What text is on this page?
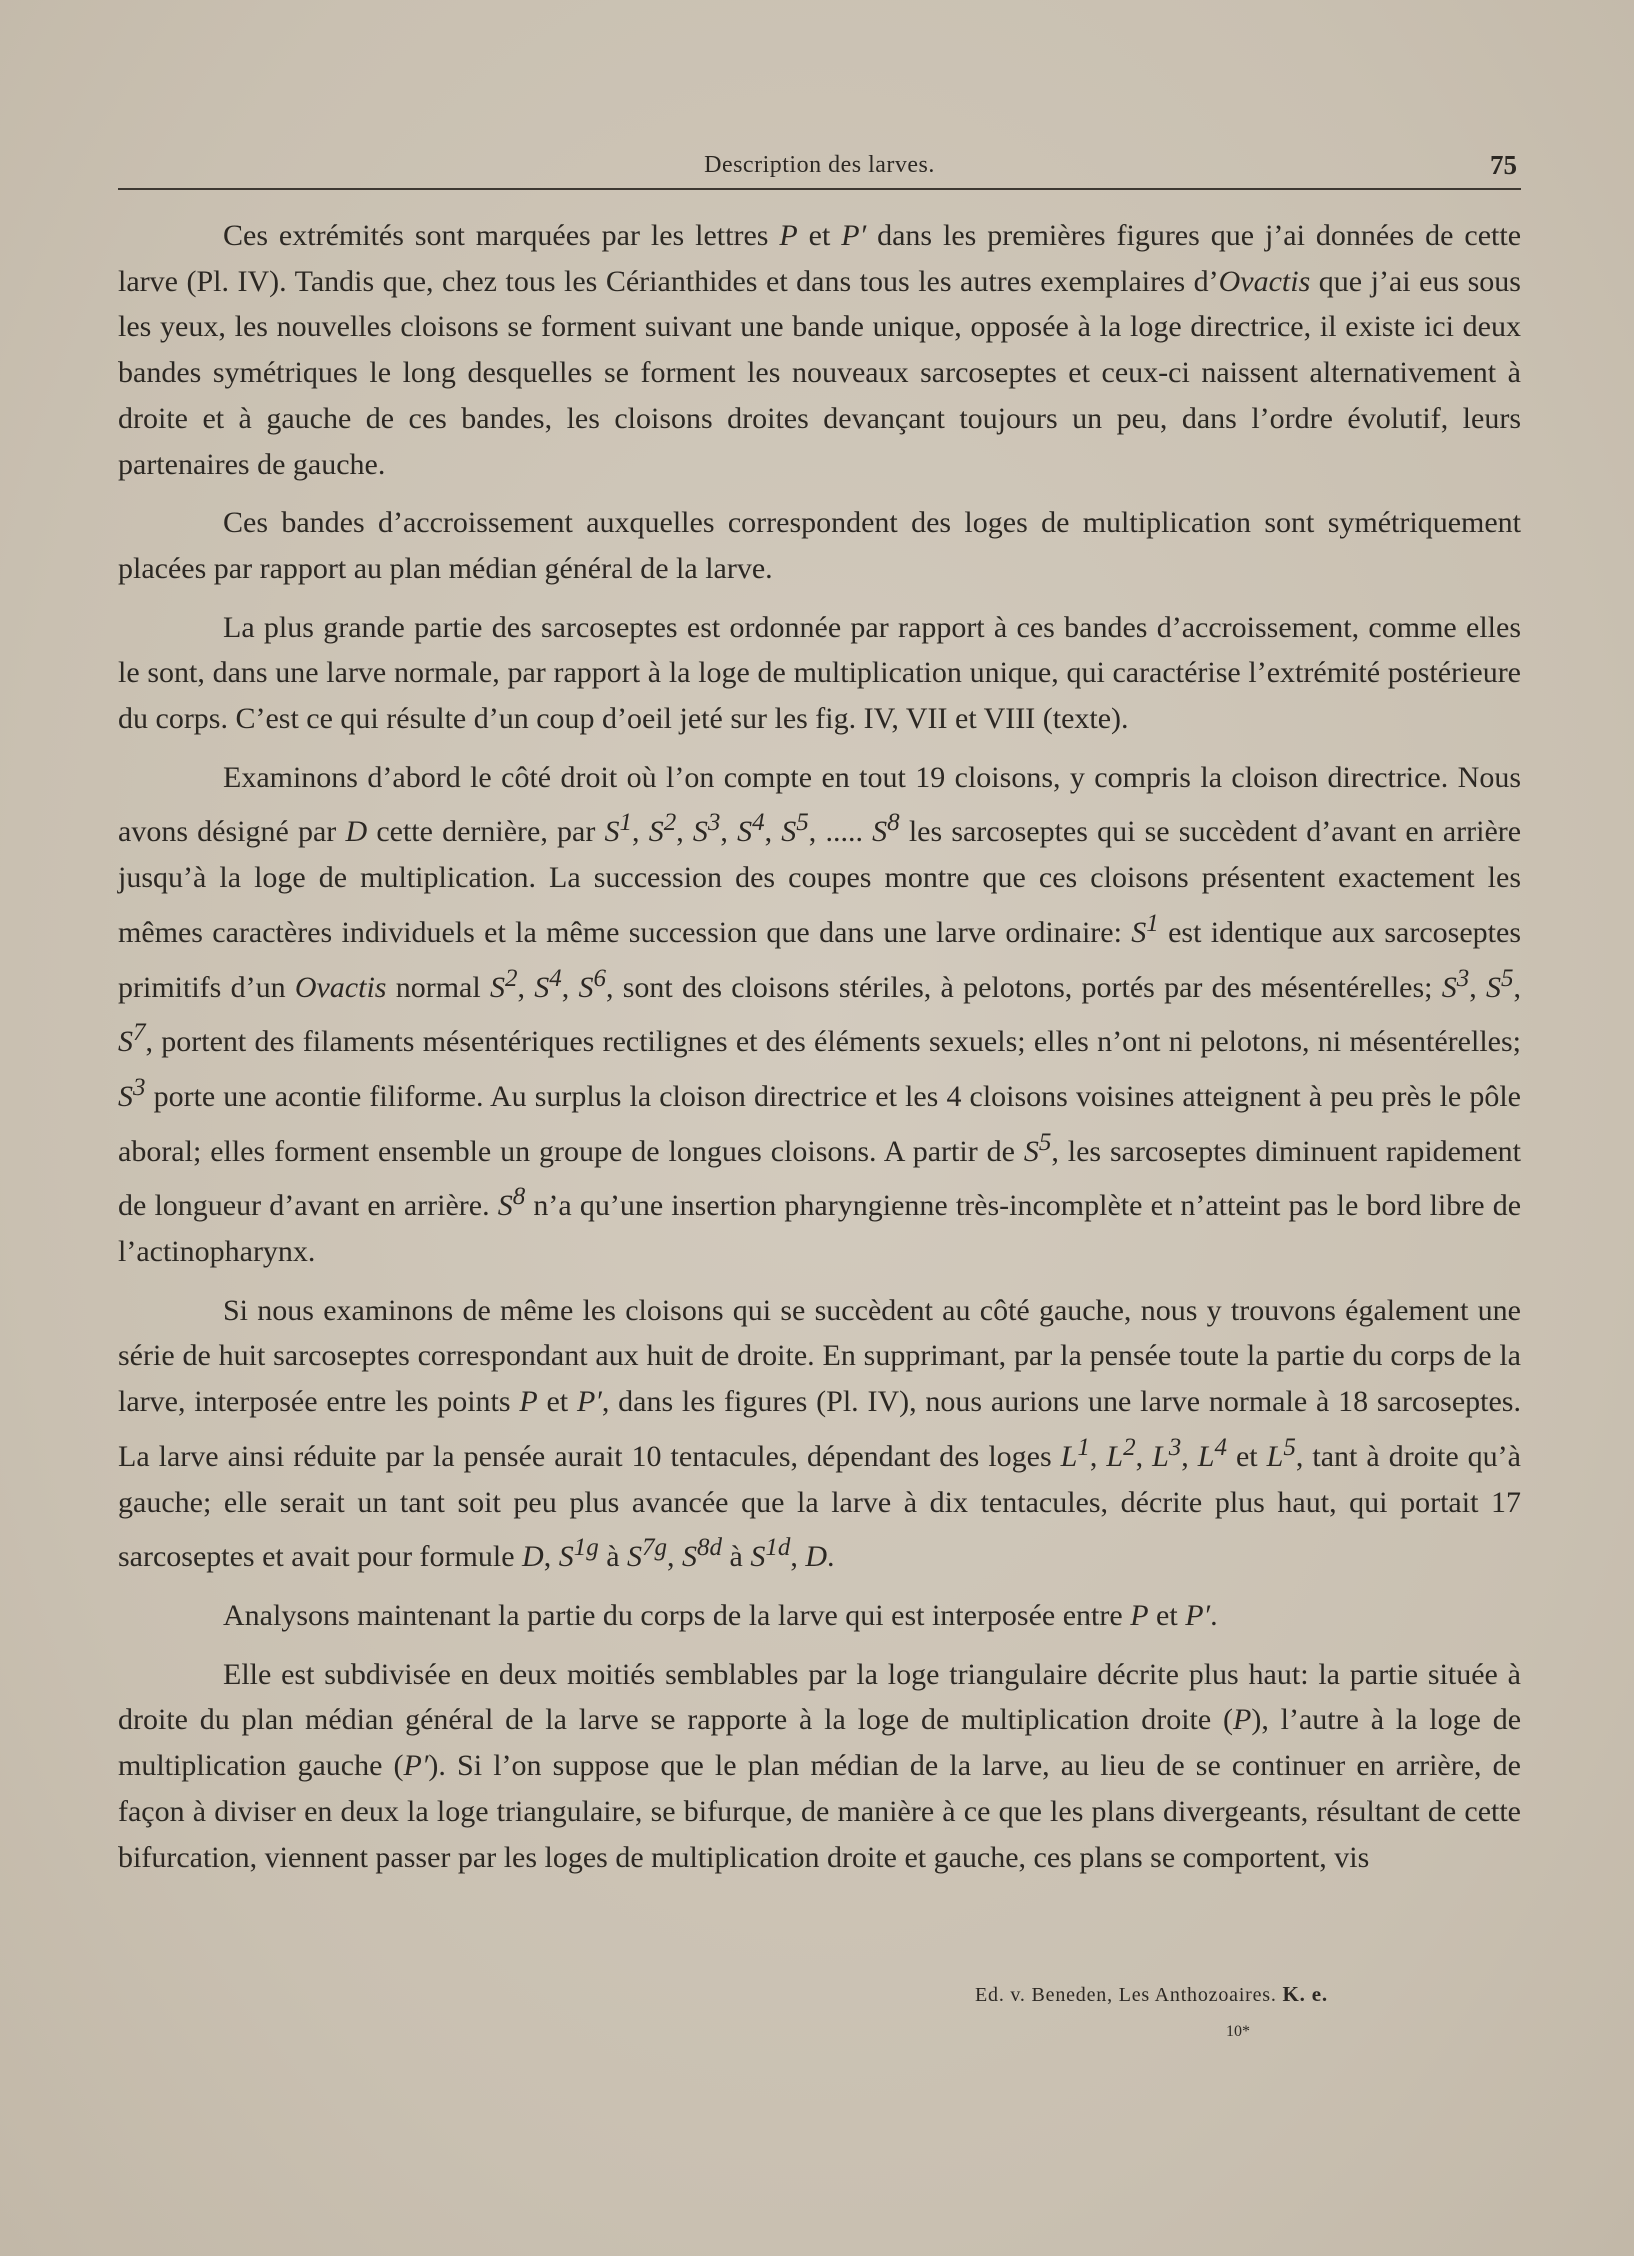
Description des larves.	75

Ces extrémités sont marquées par les lettres P et P′ dans les premières figures que j’ai données de cette larve (Pl. IV). Tandis que, chez tous les Cérianthides et dans tous les autres exemplaires d’Ovactis que j’ai eus sous les yeux, les nouvelles cloisons se forment suivant une bande unique, opposée à la loge directrice, il existe ici deux bandes symétriques le long desquelles se forment les nouveaux sarcoseptes et ceux-ci naissent alternativement à droite et à gauche de ces bandes, les cloisons droites devançant toujours un peu, dans l’ordre évolutif, leurs partenaires de gauche.

Ces bandes d’accroissement auxquelles correspondent des loges de multiplication sont symétriquement placées par rapport au plan médian général de la larve.

La plus grande partie des sarcoseptes est ordonnée par rapport à ces bandes d’accroissement, comme elles le sont, dans une larve normale, par rapport à la loge de multiplication unique, qui caractérise l’extrémité postérieure du corps. C’est ce qui résulte d’un coup d’oeil jeté sur les fig. IV, VII et VIII (texte).

Examinons d’abord le côté droit où l’on compte en tout 19 cloisons, y compris la cloison directrice. Nous avons désigné par D cette dernière, par $S^1$, $S^2$, $S^3$, $S^4$, $S^5$, ..... $S^8$ les sarcoseptes qui se succèdent d’avant en arrière jusqu’à la loge de multiplication. La succession des coupes montre que ces cloisons présentent exactement les mêmes caractères individuels et la même succession que dans une larve ordinaire: $S^1$ est identique aux sarcoseptes primitifs d’un Ovactis normal $S^2$, $S^4$, $S^6$, sont des cloisons stériles, à pelotons, portés par des mésentérelles; $S^3$, $S^5$, $S^7$, portent des filaments mésentériques rectilignes et des éléments sexuels; elles n’ont ni pelotons, ni mésentérelles; $S^3$ porte une acontie filiforme. Au surplus la cloison directrice et les 4 cloisons voisines atteignent à peu près le pôle aboral; elles forment ensemble un groupe de longues cloisons. A partir de $S^5$, les sarcoseptes diminuent rapidement de longueur d’avant en arrière. $S^8$ n’a qu’une insertion pharyngienne très-incomplète et n’atteint pas le bord libre de l’actinopharynx.

Si nous examinons de même les cloisons qui se succèdent au côté gauche, nous y trouvons également une série de huit sarcoseptes correspondant aux huit de droite. En supprimant, par la pensée toute la partie du corps de la larve, interposée entre les points P et P′, dans les figures (Pl. IV), nous aurions une larve normale à 18 sarcoseptes. La larve ainsi réduite par la pensée aurait 10 tentacules, dépendant des loges $L^1$, $L^2$, $L^3$, $L^4$ et $L^5$, tant à droite qu’à gauche; elle serait un tant soit peu plus avancée que la larve à dix tentacules, décrite plus haut, qui portait 17 sarcoseptes et avait pour formule D, $S^{1g}$ à $S^{7g}$, $S^{8d}$ à $S^{1d}$, D.

Analysons maintenant la partie du corps de la larve qui est interposée entre P et P′.

Elle est subdivisée en deux moitiés semblables par la loge triangulaire décrite plus haut: la partie située à droite du plan médian général de la larve se rapporte à la loge de multiplication droite (P), l’autre à la loge de multiplication gauche (P′). Si l’on suppose que le plan médian de la larve, au lieu de se continuer en arrière, de façon à diviser en deux la loge triangulaire, se bifurque, de manière à ce que les plans divergeants, résultant de cette bifurcation, viennent passer par les loges de multiplication droite et gauche, ces plans se comportent, vis

Ed. v. Beneden, Les Anthozoaires. K. e.
10*
